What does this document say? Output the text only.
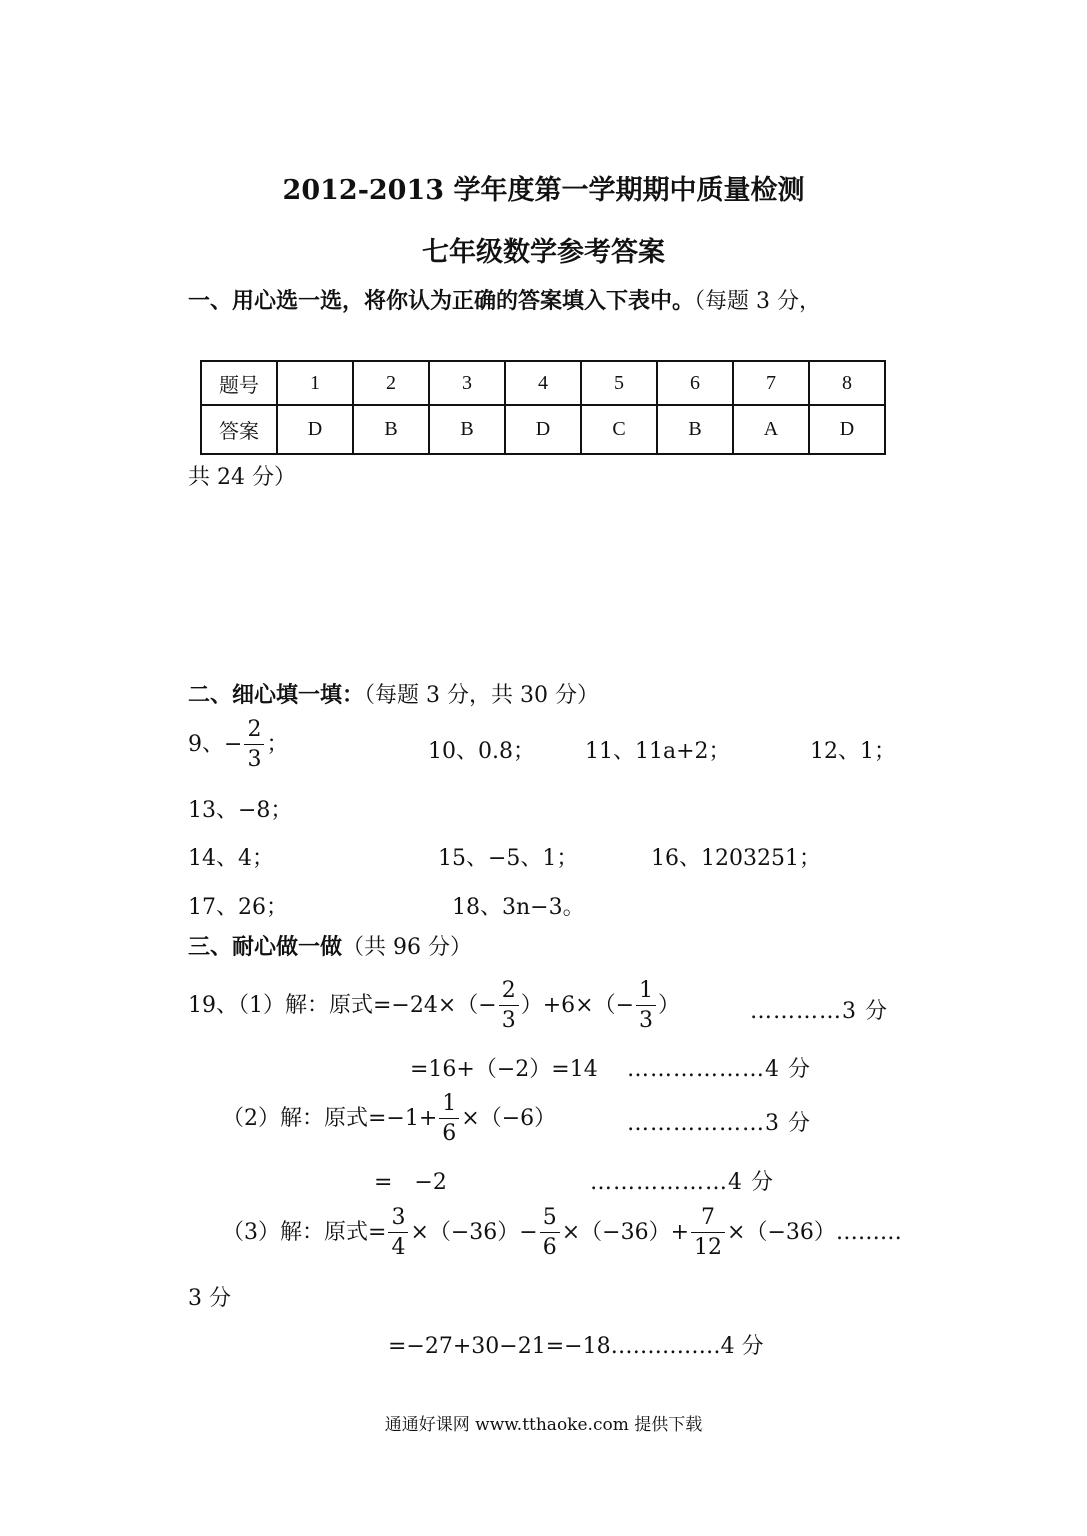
2012-2013 学年度第一学期期中质量检测
七年级数学参考答案
一、用心选一选，将你认为正确的答案填入下表中。（每题 3 分，
题号	1	2	3	4	5	6	7	8
答案	D	B	B	D	C	B	A	D
共 24 分）
二、细心填一填：（每题 3 分，共 30 分）
9、− $\frac{2}{3}$ ；	10、0.8； 11、11a+2；	12、1；
13、−8；
14、4；	15、−5、1；	16、1203251；
17、26；	18、3n−3。
三、耐心做一做（共 96 分）
19、（1）解：原式$=-24\times(- \frac{2}{3} )+6\times(- \frac{1}{3}$ ）	…………3 分
=16+（−2）=14 ………………4 分
（2）解：原式$=-1+ \frac{1}{6} \times(-6)$	………………3 分
=　−2	………………4 分
（3）解：原式= $\frac{3}{4} \times(-36)- \frac{5}{6} \times(-36)+ \frac{7}{12}$ ×（−36）………
3 分
=−27+30−21=−18……………4 分
通通好课网 www.tthaoke.com 提供下载
